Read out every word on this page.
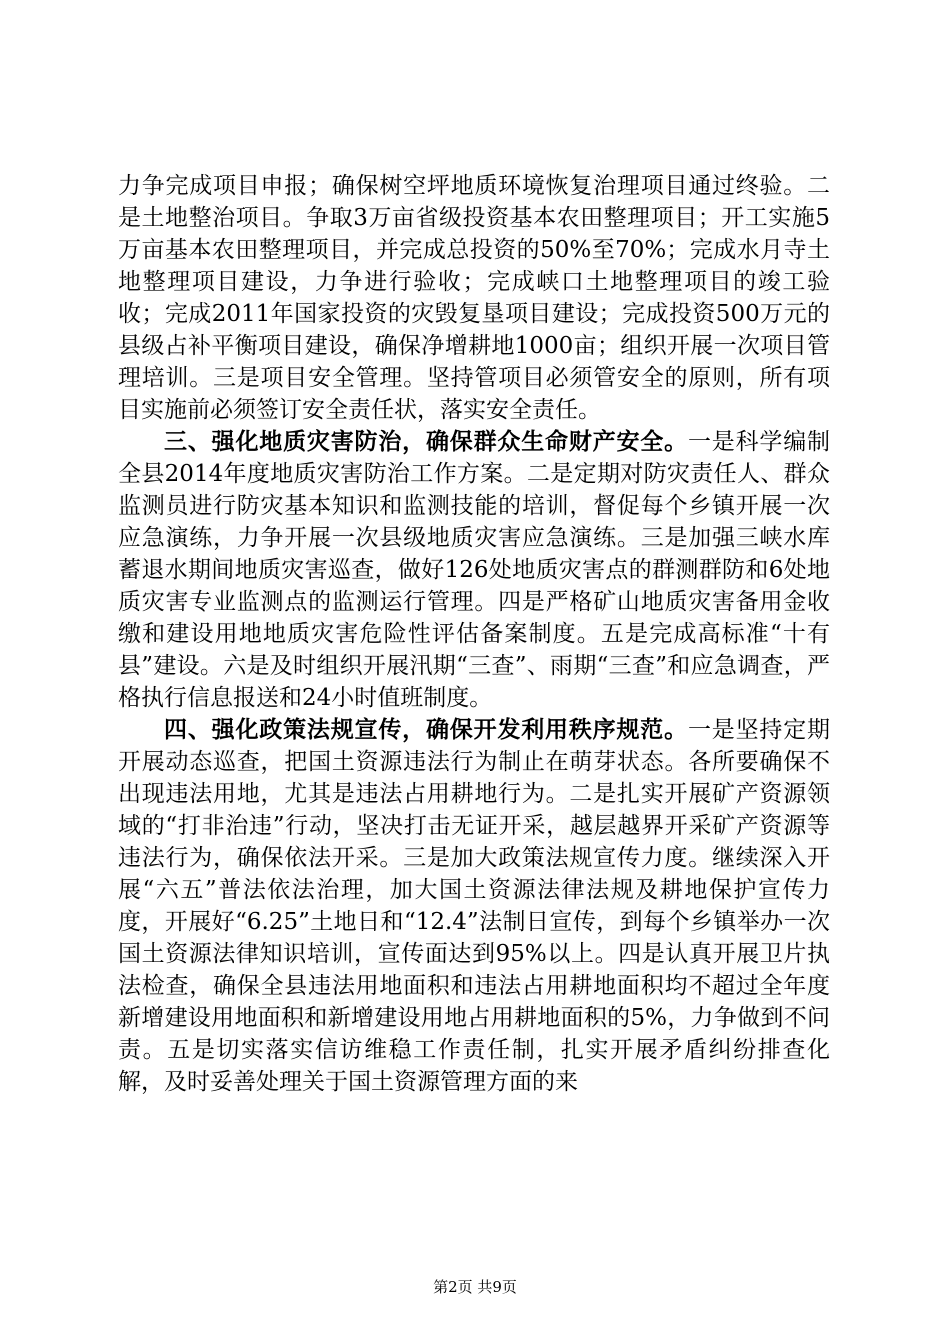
力争完成项目申报；确保树空坪地质环境恢复治理项目通过终验。二是土地整治项目。争取3万亩省级投资基本农田整理项目；开工实施5万亩基本农田整理项目，并完成总投资的50%至70%；完成水月寺土地整理项目建设，力争进行验收；完成峡口土地整理项目的竣工验收；完成2011年国家投资的灾毁复垦项目建设；完成投资500万元的县级占补平衡项目建设，确保净增耕地1000亩；组织开展一次项目管理培训。三是项目安全管理。坚持管项目必须管安全的原则，所有项目实施前必须签订安全责任状，落实安全责任。

三、强化地质灾害防治，确保群众生命财产安全。一是科学编制全县2014年度地质灾害防治工作方案。二是定期对防灾责任人、群众监测员进行防灾基本知识和监测技能的培训，督促每个乡镇开展一次应急演练，力争开展一次县级地质灾害应急演练。三是加强三峡水库蓄退水期间地质灾害巡查，做好126处地质灾害点的群测群防和6处地质灾害专业监测点的监测运行管理。四是严格矿山地质灾害备用金收缴和建设用地地质灾害危险性评估备案制度。五是完成高标准“十有县”建设。六是及时组织开展汛期“三查”、雨期“三查”和应急调查，严格执行信息报送和24小时值班制度。

四、强化政策法规宣传，确保开发利用秩序规范。一是坚持定期开展动态巡查，把国土资源违法行为制止在萌芽状态。各所要确保不出现违法用地，尤其是违法占用耕地行为。二是扎实开展矿产资源领域的“打非治违”行动，坚决打击无证开采，越层越界开采矿产资源等违法行为，确保依法开采。三是加大政策法规宣传力度。继续深入开展“六五”普法依法治理，加大国土资源法律法规及耕地保护宣传力度，开展好“6.25”土地日和“12.4”法制日宣传，到每个乡镇举办一次国土资源法律知识培训，宣传面达到95%以上。四是认真开展卫片执法检查，确保全县违法用地面积和违法占用耕地面积均不超过全年度新增建设用地面积和新增建设用地占用耕地面积的5%，力争做到不问责。五是切实落实信访维稳工作责任制，扎实开展矛盾纠纷排查化解，及时妥善处理关于国土资源管理方面的来

第2页 共9页
